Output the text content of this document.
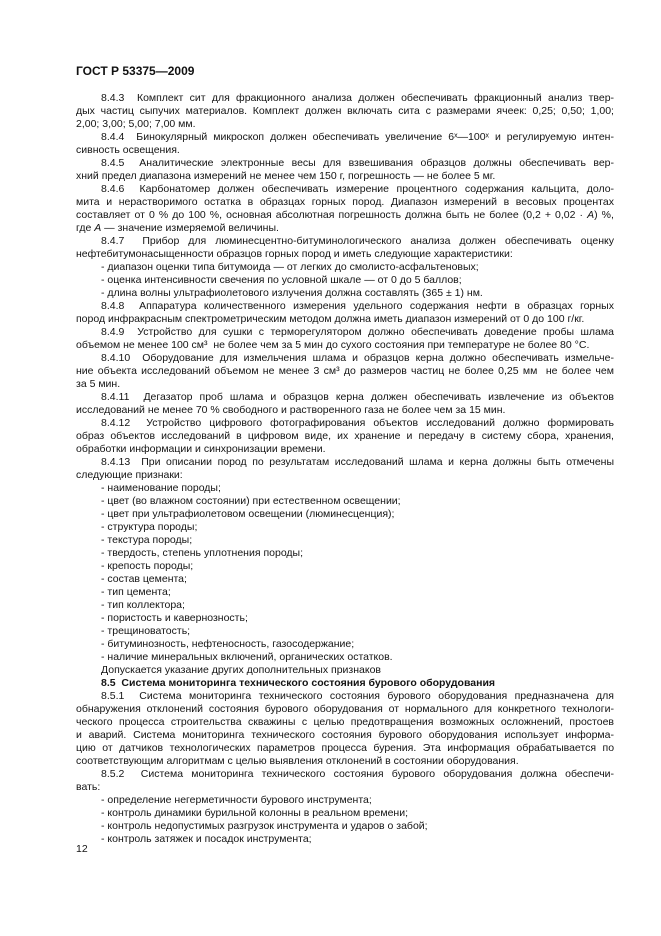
ГОСТ Р 53375—2009
8.4.3  Комплект сит для фракционного анализа должен обеспечивать фракционный анализ твер-
дых частиц сыпучих материалов. Комплект должен включать сита с размерами ячеек: 0,25; 0,50; 1,00;
2,00; 3,00; 5,00; 7,00 мм.
8.4.4  Бинокулярный микроскоп должен обеспечивать увеличение 6ˣ—100ˣ и регулируемую интен-
сивность освещения.
8.4.5  Аналитические электронные весы для взвешивания образцов должны обеспечивать вер-
хний предел диапазона измерений не менее чем 150 г, погрешность — не более 5 мг.
8.4.6  Карбонатомер должен обеспечивать измерение процентного содержания кальцита, доло-
мита и нерастворимого остатка в образцах горных пород. Диапазон измерений в весовых процентах
составляет от 0 % до 100 %, основная абсолютная погрешность должна быть не более (0,2 + 0,02 · А) %,
где А — значение измеряемой величины.
8.4.7  Прибор для люминесцентно-битуминологического анализа должен обеспечивать оценку
нефтебитумонасыщенности образцов горных пород и иметь следующие характеристики:
- диапазон оценки типа битумоида — от легких до смолисто-асфальтеновых;
- оценка интенсивности свечения по условной шкале — от 0 до 5 баллов;
- длина волны ультрафиолетового излучения должна составлять (365 ± 1) нм.
8.4.8  Аппаратура количественного измерения удельного содержания нефти в образцах горных
пород инфракрасным спектрометрическим методом должна иметь диапазон измерений от 0 до 100 г/кг.
8.4.9  Устройство для сушки с терморегулятором должно обеспечивать доведение пробы шлама
объемом не менее 100 см³  не более чем за 5 мин до сухого состояния при температуре не более 80 °С.
8.4.10  Оборудование для измельчения шлама и образцов керна должно обеспечивать измельче-
ние объекта исследований объемом не менее 3 см³ до размеров частиц не более 0,25 мм  не более чем
за 5 мин.
8.4.11  Дегазатор проб шлама и образцов керна должен обеспечивать извлечение из объектов
исследований не менее 70 % свободного и растворенного газа не более чем за 15 мин.
8.4.12  Устройство цифрового фотографирования объектов исследований должно формировать
образ объектов исследований в цифровом виде, их хранение и передачу в систему сбора, хранения,
обработки информации и синхронизации времени.
8.4.13  При описании пород по результатам исследований шлама и керна должны быть отмечены
следующие признаки:
- наименование породы;
- цвет (во влажном состоянии) при естественном освещении;
- цвет при ультрафиолетовом освещении (люминесценция);
- структура породы;
- текстура породы;
- твердость, степень уплотнения породы;
- крепость породы;
- состав цемента;
- тип цемента;
- тип коллектора;
- пористость и кавернозность;
- трещиноватость;
- битуминозность, нефтеносность, газосодержание;
- наличие минеральных включений, органических остатков.
Допускается указание других дополнительных признаков
8.5  Система мониторинга технического состояния бурового оборудования
8.5.1  Система мониторинга технического состояния бурового оборудования предназначена для
обнаружения отклонений состояния бурового оборудования от нормального для конкретного технологи-
ческого процесса строительства скважины с целью предотвращения возможных осложнений, простоев
и аварий. Система мониторинга технического состояния бурового оборудования использует информа-
цию от датчиков технологических параметров процесса бурения. Эта информация обрабатывается по
соответствующим алгоритмам с целью выявления отклонений в состоянии оборудования.
8.5.2  Система мониторинга технического состояния бурового оборудования должна обеспечи-
вать:
- определение негерметичности бурового инструмента;
- контроль динамики бурильной колонны в реальном времени;
- контроль недопустимых разгрузок инструмента и ударов о забой;
- контроль затяжек и посадок инструмента;
12
